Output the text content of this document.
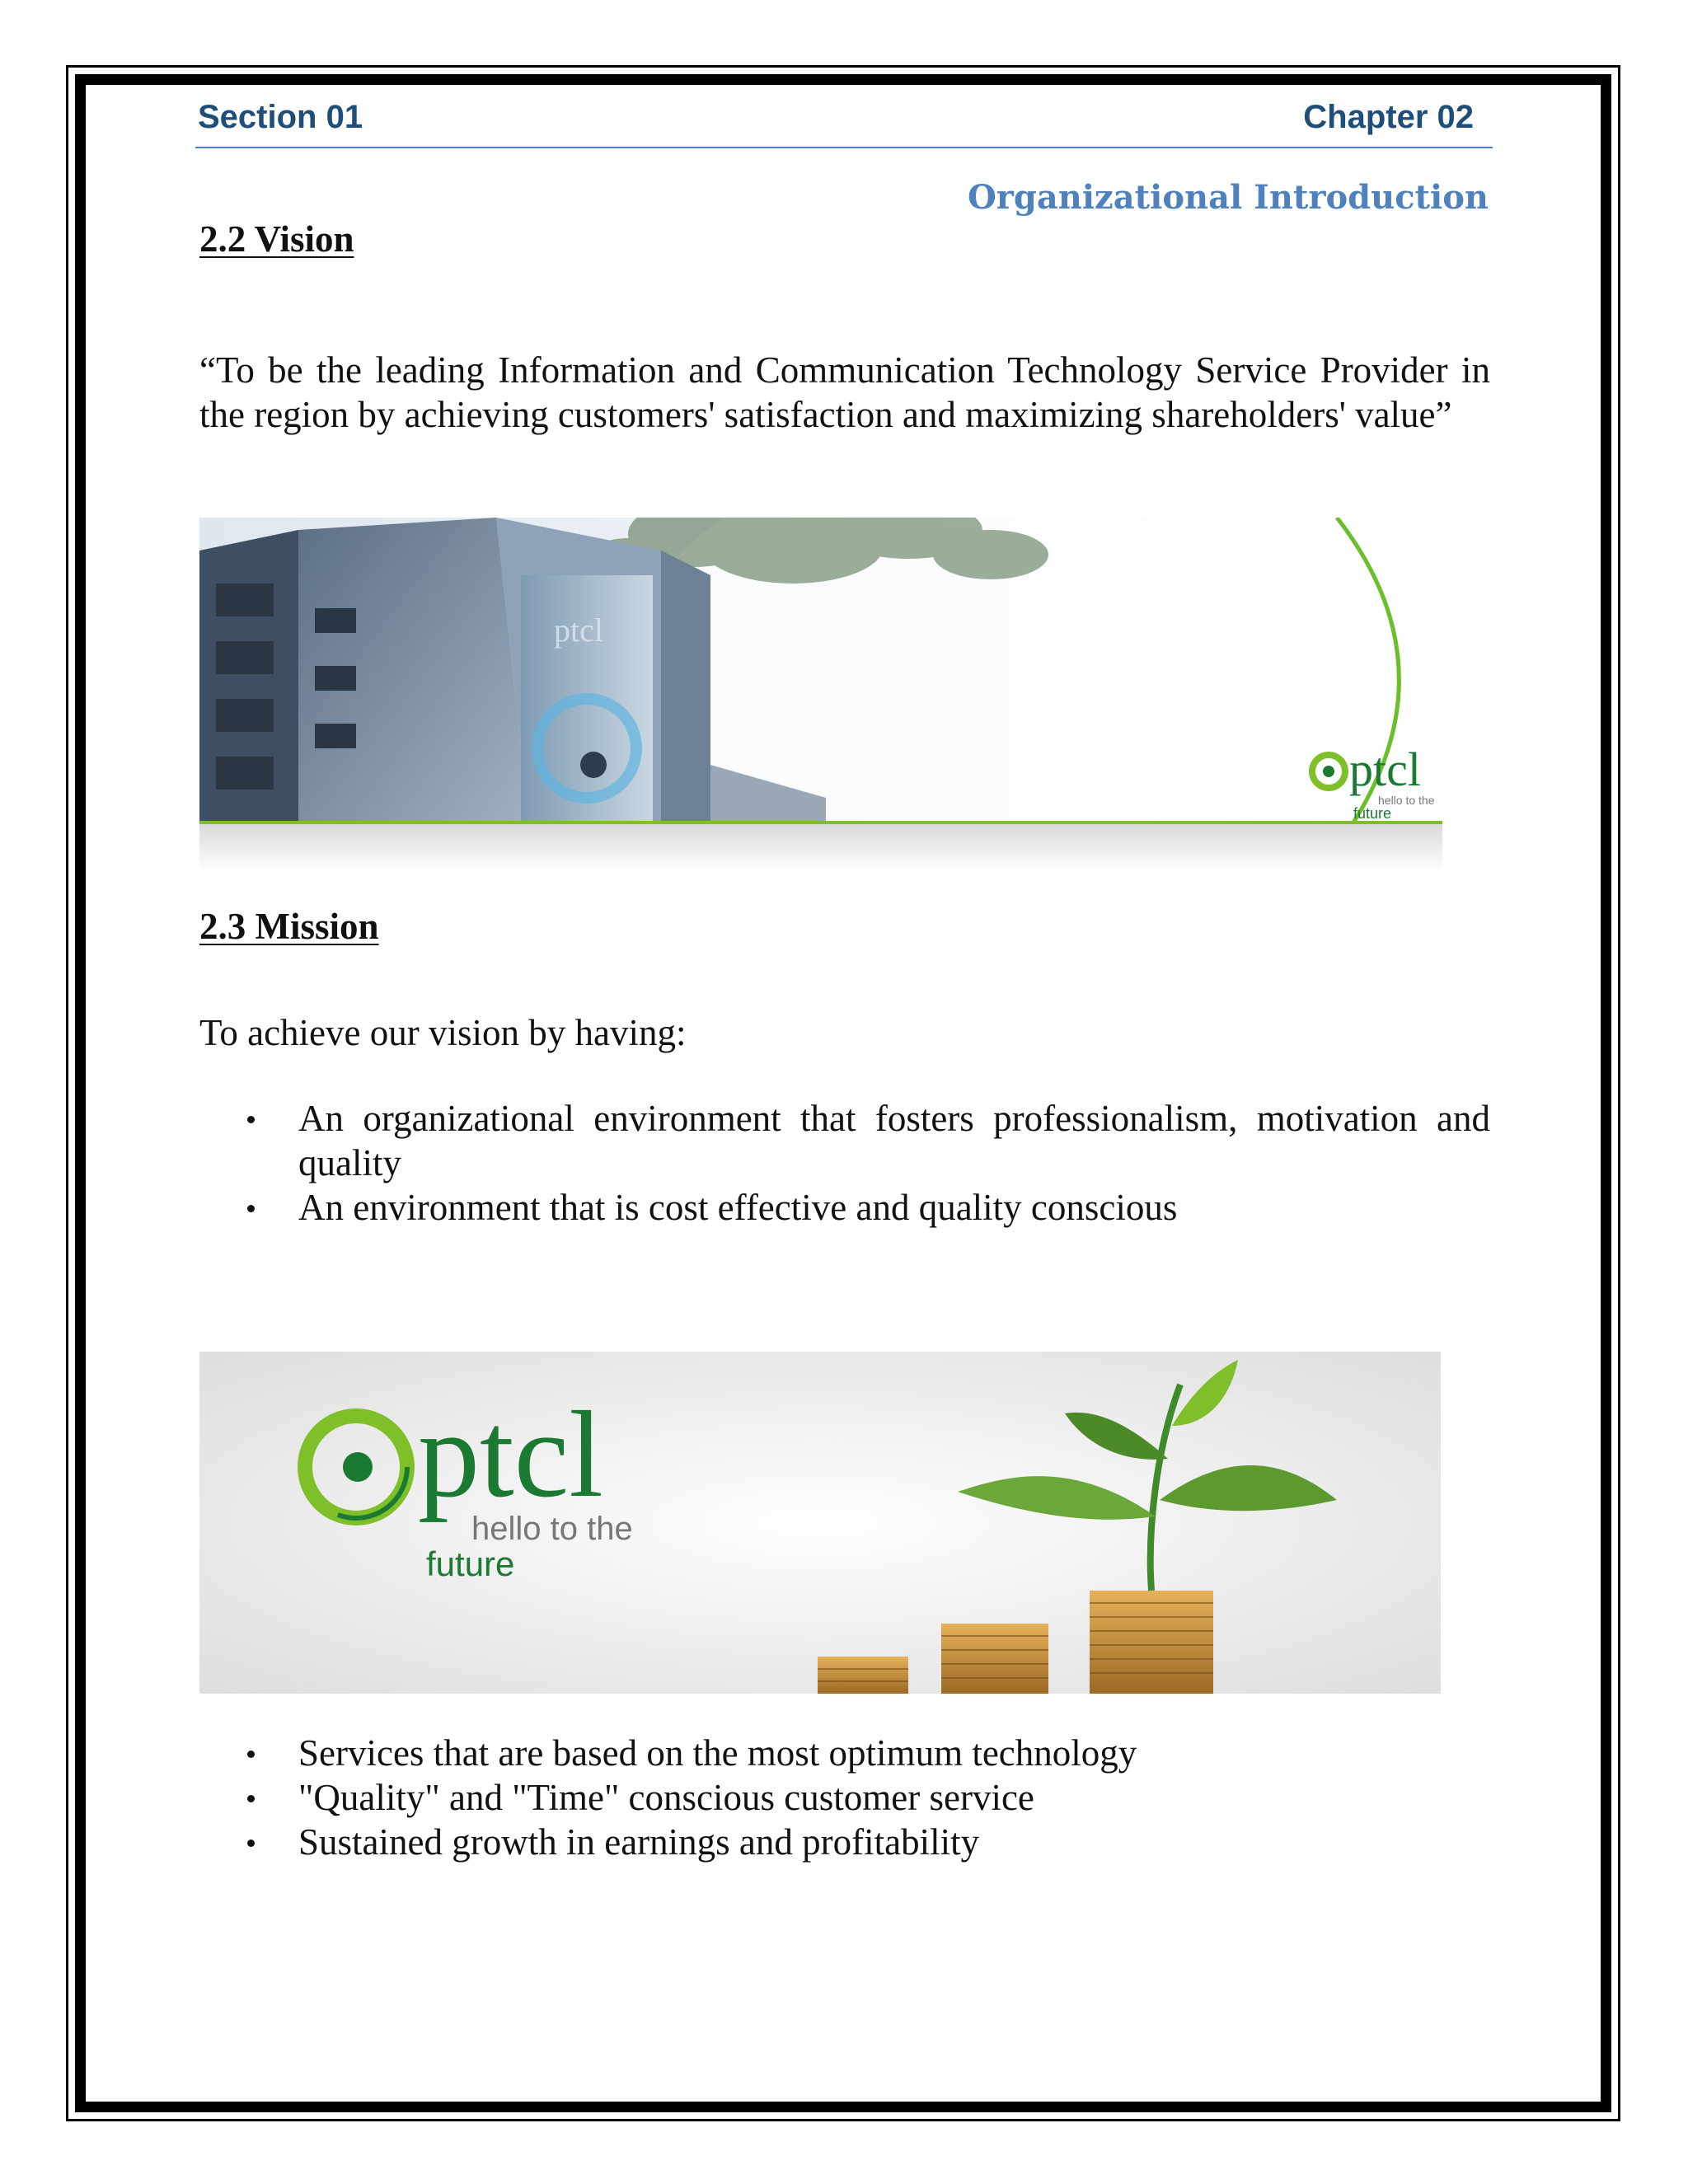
Section 01	Chapter 02
Organizational Introduction
2.2 Vision
“To be the leading Information and Communication Technology Service Provider in the region by achieving customers' satisfaction and maximizing shareholders' value”
ptcl
ptcl
hello to the
future
2.3 Mission
To achieve our vision by having:
An organizational environment that fosters professionalism, motivation and quality
An environment that is cost effective and quality conscious
ptcl
hello to the
future
Services that are based on the most optimum technology
"Quality" and "Time" conscious customer service
Sustained growth in earnings and profitability
